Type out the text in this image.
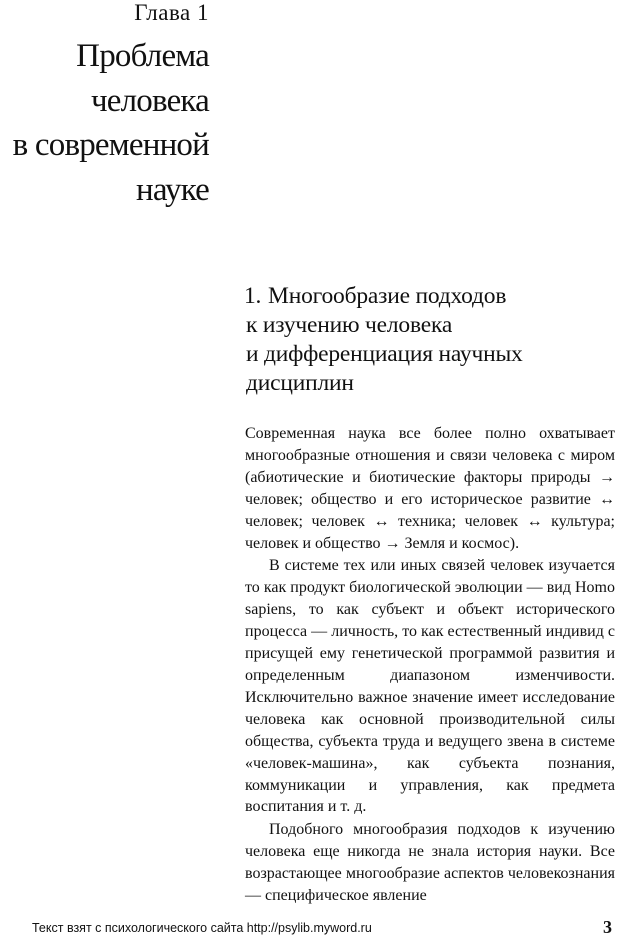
Глава 1
Проблема
человека
в современной
науке
1. Многообразие подходов
к изучению человека
и дифференциация научных
дисциплин

Современная наука все более полно охватывает многообразные отношения и связи человека с миром (абиотические и биотические факторы природы → человек; общество и его историческое развитие ↔ человек; человек ↔ техника; человек ↔ культура; человек и общество → Земля и космос).

В системе тех или иных связей человек изучается то как продукт биологической эволюции — вид Homo sapiens, то как субъект и объект исторического процесса — личность, то как естественный индивид с присущей ему генетической программой развития и определенным диапазоном изменчивости. Исключительно важное значение имеет исследование человека как основной производительной силы общества, субъекта труда и ведущего звена в системе «человек-машина», как субъекта познания, коммуникации и управления, как предмета воспитания и т. д.

Подобного многообразия подходов к изучению человека еще никогда не знала история науки. Все возрастающее многообразие аспектов человекознания — специфическое явление

Текст взят с психологического сайта http://psylib.myword.ru	3
